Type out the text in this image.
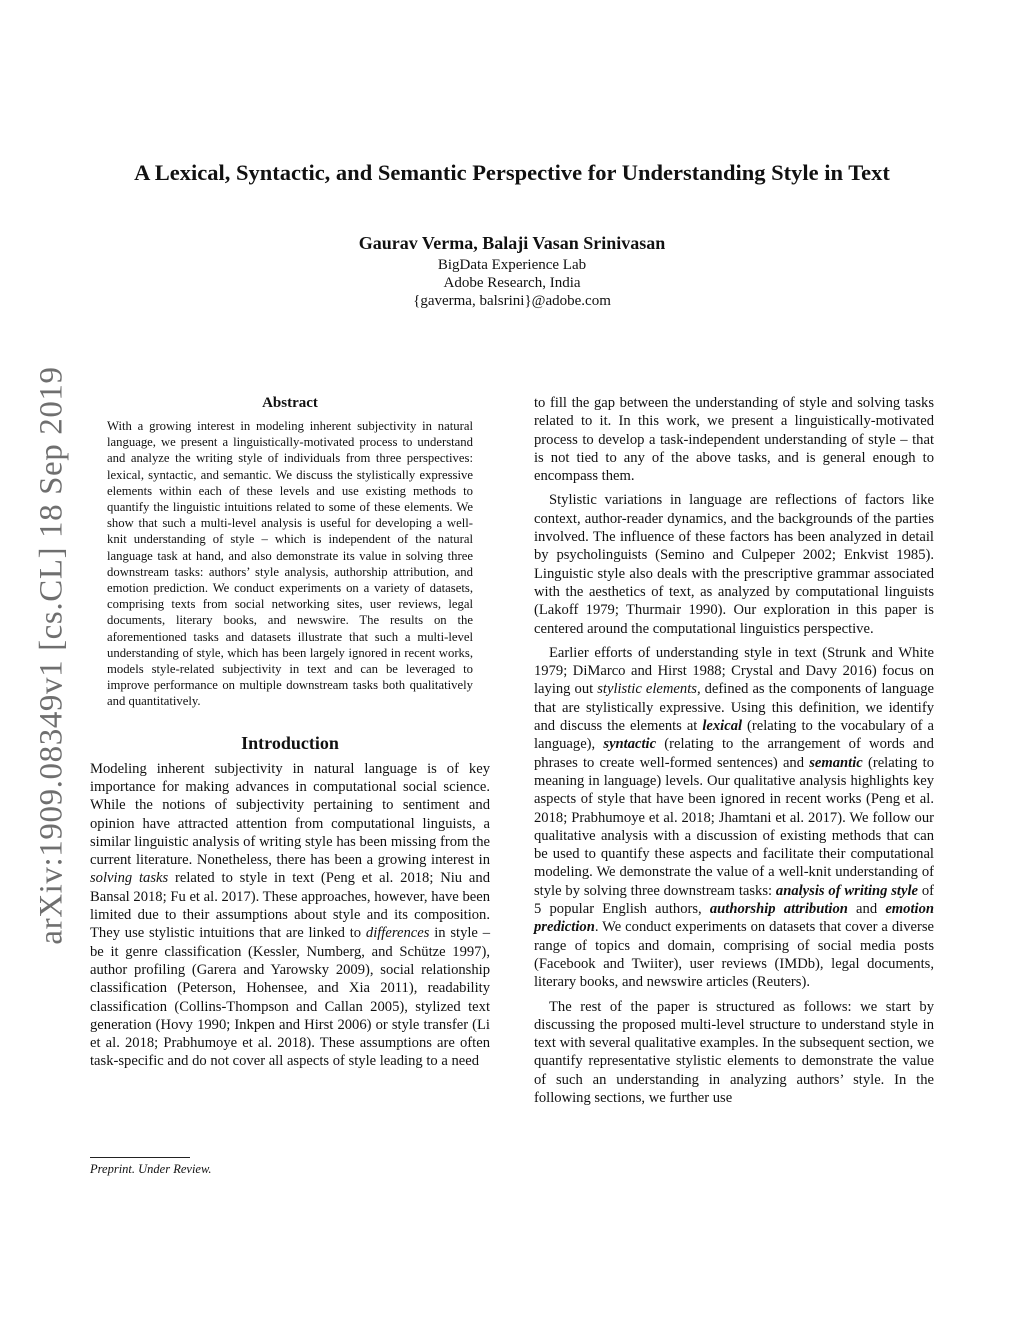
A Lexical, Syntactic, and Semantic Perspective for Understanding Style in Text
Gaurav Verma, Balaji Vasan Srinivasan
BigData Experience Lab
Adobe Research, India
{gaverma, balsrini}@adobe.com
arXiv:1909.08349v1 [cs.CL] 18 Sep 2019	Abstract

With a growing interest in modeling inherent subjectivity in natural language, we present a linguistically-motivated process to understand and analyze the writing style of individuals from three perspectives: lexical, syntactic, and semantic. We discuss the stylistically expressive elements within each of these levels and use existing methods to quantify the linguistic intuitions related to some of these elements. We show that such a multi-level analysis is useful for developing a well-knit understanding of style – which is independent of the natural language task at hand, and also demonstrate its value in solving three downstream tasks: authors’ style analysis, authorship attribution, and emotion prediction. We conduct experiments on a variety of datasets, comprising texts from social networking sites, user reviews, legal documents, literary books, and newswire. The results on the aforementioned tasks and datasets illustrate that such a multi-level understanding of style, which has been largely ignored in recent works, models style-related subjectivity in text and can be leveraged to improve performance on multiple downstream tasks both qualitatively and quantitatively.

Introduction

Modeling inherent subjectivity in natural language is of key importance for making advances in computational social science. While the notions of subjectivity pertaining to sentiment and opinion have attracted attention from computational linguists, a similar linguistic analysis of writing style has been missing from the current literature. Nonetheless, there has been a growing interest in solving tasks related to style in text (Peng et al. 2018; Niu and Bansal 2018; Fu et al. 2017). These approaches, however, have been limited due to their assumptions about style and its composition. They use stylistic intuitions that are linked to differences in style – be it genre classification (Kessler, Numberg, and Schütze 1997), author profiling (Garera and Yarowsky 2009), social relationship classification (Peterson, Hohensee, and Xia 2011), readability classification (Collins-Thompson and Callan 2005), stylized text generation (Hovy 1990; Inkpen and Hirst 2006) or style transfer (Li et al. 2018; Prabhumoye et al. 2018). These assumptions are often task-specific and do not cover all aspects of style leading to a need

Preprint. Under Review.

to fill the gap between the understanding of style and solving tasks related to it. In this work, we present a linguistically-motivated process to develop a task-independent understanding of style – that is not tied to any of the above tasks, and is general enough to encompass them.

Stylistic variations in language are reflections of factors like context, author-reader dynamics, and the backgrounds of the parties involved. The influence of these factors has been analyzed in detail by psycholinguists (Semino and Culpeper 2002; Enkvist 1985). Linguistic style also deals with the prescriptive grammar associated with the aesthetics of text, as analyzed by computational linguists (Lakoff 1979; Thurmair 1990). Our exploration in this paper is centered around the computational linguistics perspective.

Earlier efforts of understanding style in text (Strunk and White 1979; DiMarco and Hirst 1988; Crystal and Davy 2016) focus on laying out stylistic elements, defined as the components of language that are stylistically expressive. Using this definition, we identify and discuss the elements at lexical (relating to the vocabulary of a language), syntactic (relating to the arrangement of words and phrases to create well-formed sentences) and semantic (relating to meaning in language) levels. Our qualitative analysis highlights key aspects of style that have been ignored in recent works (Peng et al. 2018; Prabhumoye et al. 2018; Jhamtani et al. 2017). We follow our qualitative analysis with a discussion of existing methods that can be used to quantify these aspects and facilitate their computational modeling. We demonstrate the value of a well-knit understanding of style by solving three downstream tasks: analysis of writing style of 5 popular English authors, authorship attribution and emotion prediction. We conduct experiments on datasets that cover a diverse range of topics and domain, comprising of social media posts (Facebook and Twiiter), user reviews (IMDb), legal documents, literary books, and newswire articles (Reuters).

The rest of the paper is structured as follows: we start by discussing the proposed multi-level structure to understand style in text with several qualitative examples. In the subsequent section, we quantify representative stylistic elements to demonstrate the value of such an understanding in analyzing authors’ style. In the following sections, we further use
